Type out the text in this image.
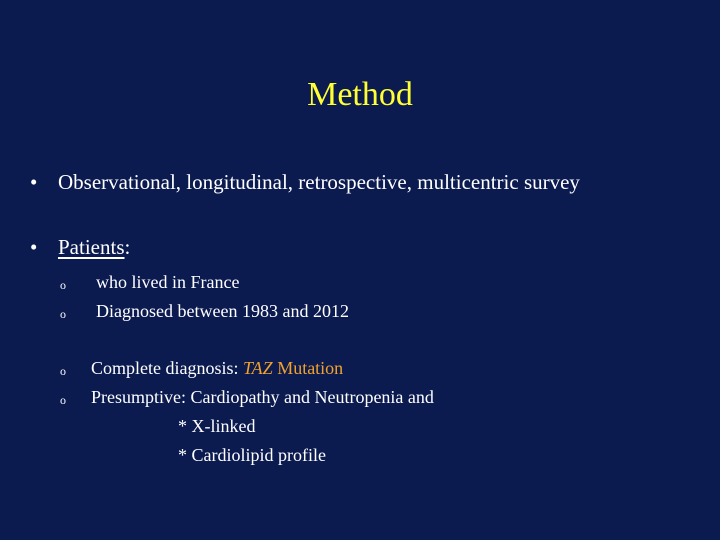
Method
• Observational, longitudinal, retrospective, multicentric survey
• Patients:
o who lived in France
o Diagnosed between 1983 and 2012
o Complete diagnosis: TAZ Mutation
o Presumptive: Cardiopathy and Neutropenia and
* X-linked
* Cardiolipid profile
